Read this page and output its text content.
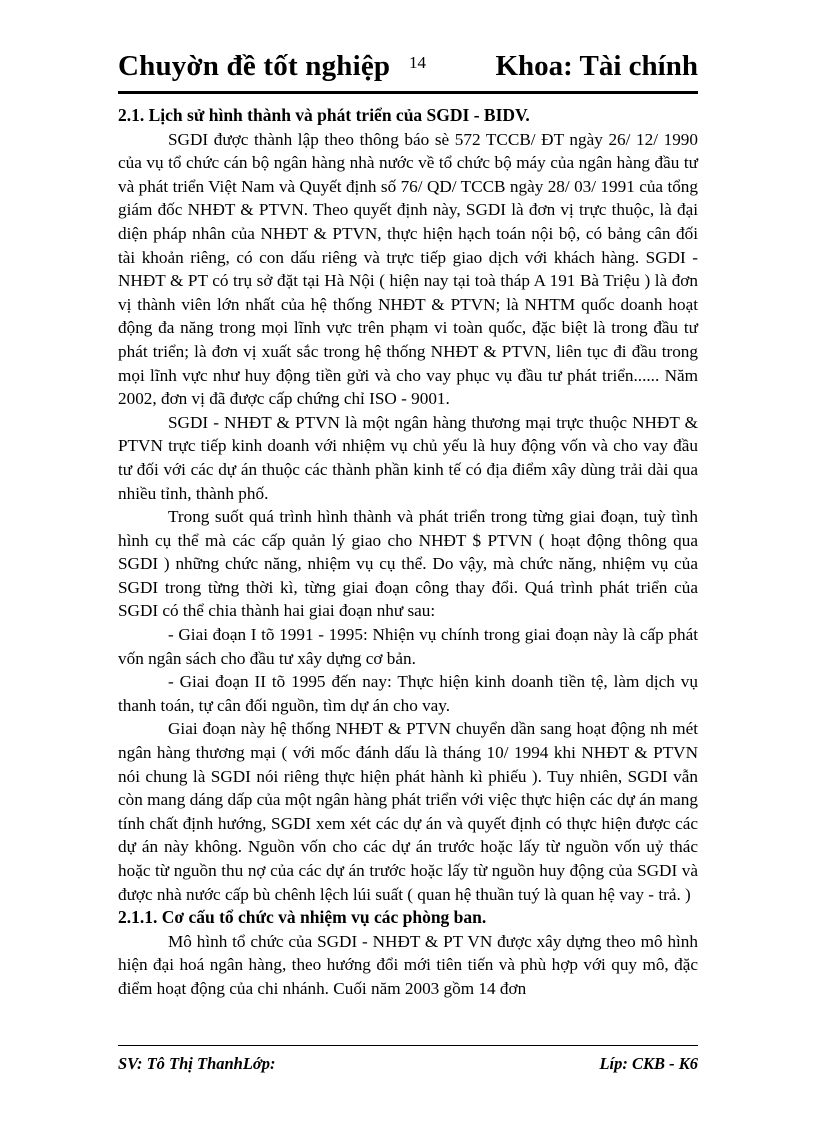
Chuyờn đề tốt nghiệp 14 Khoa: Tài chính

2.1. Lịch sử hình thành và phát triển của SGDI - BIDV.

SGDI được thành lập theo thông báo sè 572 TCCB/ ĐT ngày 26/ 12/ 1990 của vụ tổ chức cán bộ ngân hàng nhà nước về tổ chức bộ máy của ngân hàng đầu tư và phát triển Việt Nam và Quyết định số 76/ QD/ TCCB ngày 28/ 03/ 1991 của tổng giám đốc NHĐT & PTVN. Theo quyết định này, SGDI là đơn vị trực thuộc, là đại diện pháp nhân của NHĐT & PTVN, thực hiện hạch toán nội bộ, có bảng cân đối tài khoản riêng, có con dấu riêng và trực tiếp giao dịch với khách hàng. SGDI - NHĐT & PT có trụ sở đặt tại Hà Nội ( hiện nay tại toà tháp A 191 Bà Triệu ) là đơn vị thành viên lớn nhất của hệ thống NHĐT & PTVN; là NHTM quốc doanh hoạt động đa năng trong mọi lĩnh vực trên phạm vi toàn quốc, đặc biệt là trong đầu tư phát triển; là đơn vị xuất sắc trong hệ thống NHĐT & PTVN, liên tục đi đầu trong mọi lĩnh vực như huy động tiền gửi và cho vay phục vụ đầu tư phát triển...... Năm 2002, đơn vị đã được cấp chứng chỉ ISO - 9001.

SGDI - NHĐT & PTVN là một ngân hàng thương mại trực thuộc NHĐT & PTVN trực tiếp kinh doanh với nhiệm vụ chủ yếu là huy động vốn và cho vay đầu tư đối với các dự án thuộc các thành phần kinh tế có địa điểm xây dùng trải dài qua nhiều tỉnh, thành phố.

Trong suốt quá trình hình thành và phát triển trong từng giai đoạn, tuỳ tình hình cụ thể mà các cấp quản lý giao cho NHĐT $ PTVN ( hoạt động thông qua SGDI ) những chức năng, nhiệm vụ cụ thể. Do vậy, mà chức năng, nhiệm vụ của SGDI trong từng thời kì, từng giai đoạn công thay đổi. Quá trình phát triển của SGDI có thể chia thành hai giai đoạn như sau:

- Giai đoạn I tõ 1991 - 1995: Nhiện vụ chính trong giai đoạn này là cấp phát vốn ngân sách cho đầu tư xây dựng cơ bản.

- Giai đoạn II tõ 1995 đến nay: Thực hiện kinh doanh tiền tệ, làm dịch vụ thanh toán, tự cân đối nguồn, tìm dự án cho vay.

Giai đoạn này hệ thống NHĐT & PTVN chuyển dần sang hoạt động nh mét ngân hàng thương mại ( với mốc đánh dấu là tháng 10/ 1994 khi NHĐT & PTVN nói chung là SGDI nói riêng thực hiện phát hành kì phiếu ). Tuy nhiên, SGDI vẫn còn mang dáng dấp của một ngân hàng phát triển với việc thực hiện các dự án mang tính chất định hướng, SGDI xem xét các dự án và quyết định có thực hiện được các dự án này không. Nguồn vốn cho các dự án trước hoặc lấy từ nguồn vốn uỷ thác hoặc từ nguồn thu nợ của các dự án trước hoặc lấy từ nguồn huy động của SGDI và được nhà nước cấp bù chênh lệch lúi suất ( quan hệ thuần tuý là quan hệ vay - trả. )

2.1.1. Cơ cấu tổ chức và nhiệm vụ các phòng ban.

Mô hình tổ chức của SGDI - NHĐT & PT VN được xây dựng theo mô hình hiện đại hoá ngân hàng, theo hướng đổi mới tiên tiến và phù hợp với quy mô, đặc điểm hoạt động của chi nhánh. Cuối năm 2003 gồm 14 đơn

SV: Tô Thị ThanhLớp:	Líp: CKB - K6
